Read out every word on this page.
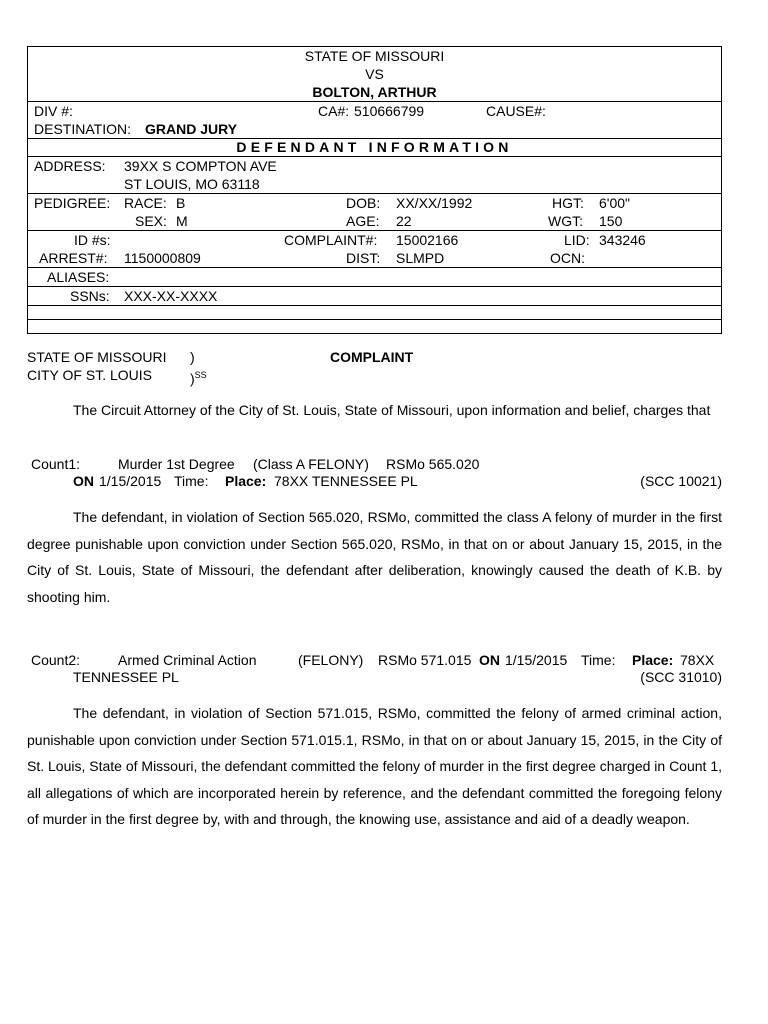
STATE OF MISSOURI
VS
BOLTON, ARTHUR
DIV #:	CA#: 510666799	CAUSE#:
DESTINATION: GRAND JURY
DEFENDANT INFORMATION
ADDRESS: 39XX S COMPTON AVE
ST LOUIS, MO 63118
PEDIGREE: RACE: B	DOB: XX/XX/1992	HGT: 6'00"
SEX: M	AGE: 22	WGT: 150
ID #s:	COMPLAINT#: 15002166	LID: 343246
ARREST#: 1150000809	DIST: SLMPD	OCN:
ALIASES:
SSNs: XXX-XX-XXXX
STATE OF MISSOURI )	COMPLAINT
CITY OF ST. LOUIS	)$^{SS}$
The Circuit Attorney of the City of St. Louis, State of Missouri, upon information and belief, charges that
Count1:	Murder 1st Degree (Class A FELONY) RSMo 565.020
ON 1/15/2015 Time: Place: 78XX TENNESSEE PL	(SCC 10021)
The defendant, in violation of Section 565.020, RSMo, committed the class A felony of murder in the first degree punishable upon conviction under Section 565.020, RSMo, in that on or about January 15, 2015, in the City of St. Louis, State of Missouri, the defendant after deliberation, knowingly caused the death of K.B. by shooting him.
Count2:	Armed Criminal Action	(FELONY) RSMo 571.015 ON 1/15/2015 Time: Place: 78XX
TENNESSEE PL	(SCC 31010)
The defendant, in violation of Section 571.015, RSMo, committed the felony of armed criminal action, punishable upon conviction under Section 571.015.1, RSMo, in that on or about January 15, 2015, in the City of St. Louis, State of Missouri, the defendant committed the felony of murder in the first degree charged in Count 1, all allegations of which are incorporated herein by reference, and the defendant committed the foregoing felony of murder in the first degree by, with and through, the knowing use, assistance and aid of a deadly weapon.
